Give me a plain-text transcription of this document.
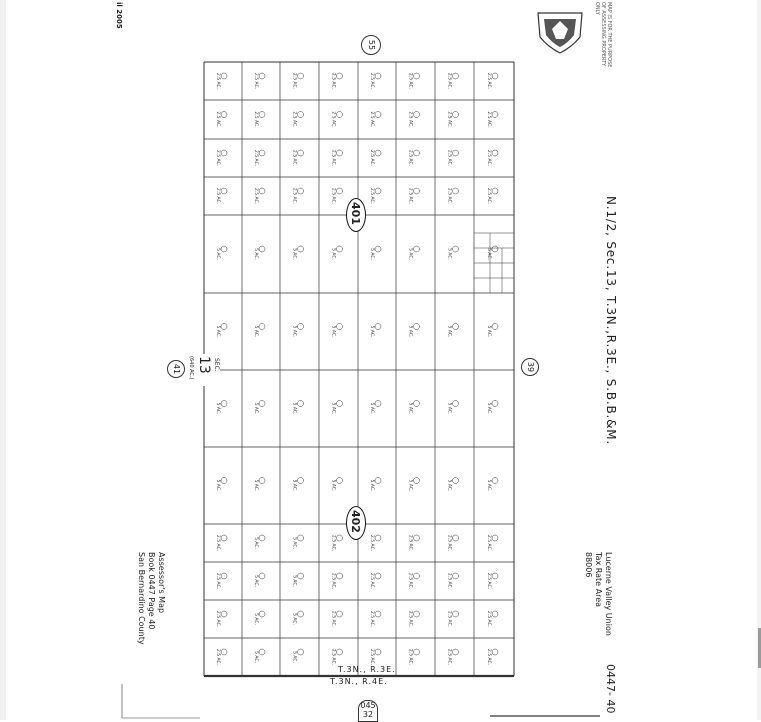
il 2005	MAP IS FOR THE PURPOSE OF ASSESSING PROPERTY ONLY
N.1/2, Sec.13, T.3N.,R.3E., S.B.B.&M.
Lucerne Valley Union
Tax Rate Area
88006
0447- 40
Assessor's Map
Book 0447 Page 40
San Bernardino County
2.5 AC.	2.5 AC.	2.5 AC.	2.5 AC.	2.5 AC.	2.5 AC.	2.5 AC.	2.5 AC.
2.5 AC.	2.5 AC.	2.5 AC.	2.5 AC.	2.5 AC.	2.5 AC.	2.5 AC.	2.5 AC.
2.5 AC.	2.5 AC.	2.5 AC.	2.5 AC.	2.5 AC.	2.5 AC.	2.5 AC.	2.5 AC.
2.5 AC.	2.5 AC.	2.5 AC.	2.5 AC.	2.5 AC.	2.5 AC.	2.5 AC.	2.5 AC.
5 AC.	5 AC.	5 AC.	5 AC.	5 AC.	5 AC.	5 AC.	5 AC.
5 AC.	5 AC.	5 AC.	5 AC.	5 AC.	5 AC.	5 AC.	5 AC.
5 AC.	5 AC.	5 AC.	5 AC.	5 AC.	5 AC.	5 AC.	5 AC.
5 AC.	5 AC.	5 AC.	5 AC.	5 AC.	5 AC.	5 AC.	5 AC.
2.5 AC.	5 AC.	5 AC.	2.5 AC.	2.5 AC.	2.5 AC.	2.5 AC.	2.5 AC.
2.5 AC.	5 AC.	5 AC.	2.5 AC.	2.5 AC.	2.5 AC.	2.5 AC.	2.5 AC.
2.5 AC.	5 AC.	5 AC.	2.5 AC.	2.5 AC.	2.5 AC.	2.5 AC.	2.5 AC.
2.5 AC.	5 AC.	5 AC.	2.5 AC.	2.5 AC.	2.5 AC.	2.5 AC.	2.5 AC.
55
41	39
401
402
SEC.
13
(640 AC.)
T.3N., R.3E.
T.3N., R.4E.
045
32
